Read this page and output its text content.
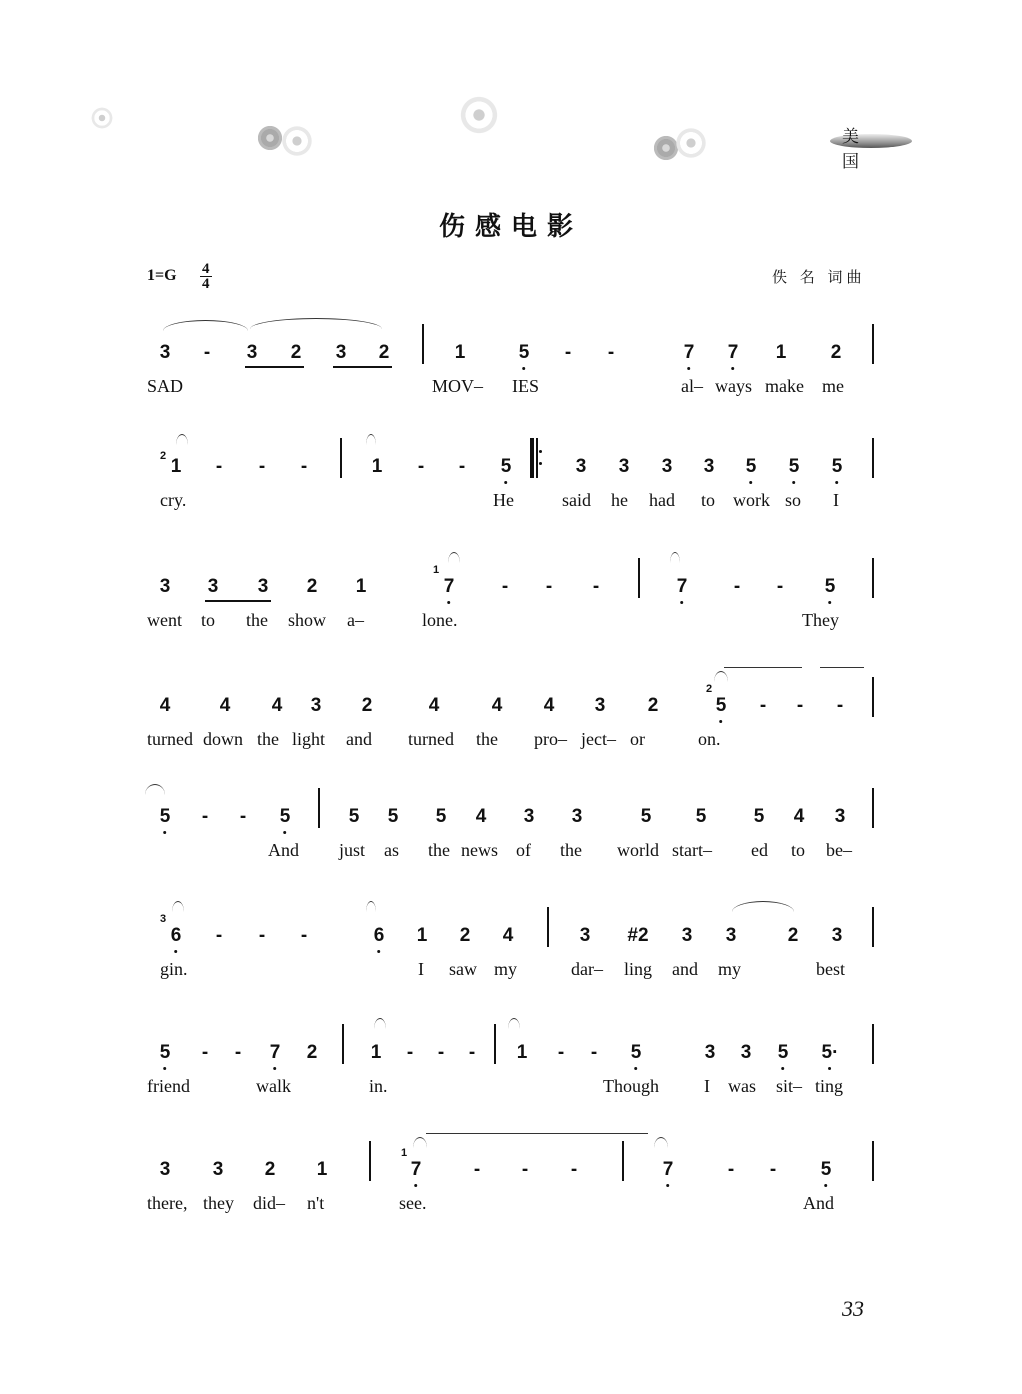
美 国
伤感电影
$1=G \frac{4}{4}$	佚 名 词曲
3 - 3 2 3 2	1	5 - -	7 7 1 2
SAD	MOV– IES	al– ways make me
2 1 - - -	1 - - 5	3 3 3 3 5 5 5
cry.	He	said he had to work so I
3 3 3 2 1
1
7	- - -	7 - - 5
went to the show a–	lone.	They
4	4 4 3 2	4	4 4 3 2
2
5 - - -
turned down the light and turned the pro– ject– or	on.
5 - - 5	5 5 5 4 3 3	5 5 5 4 3
And just as the news of the world start– ed to be–
3
6 - - -	6 1 2 4	3 #2 3 3	2 3
gin.	I saw my	dar– ling and my	best
5 - - 7 2	1 - - - 1 - - 5	3 3 5 5·
friend	walk	in.	Though	I was sit– ting
3 3 2 1
1
7	- - -	7	- - 5
there, they did– n't	see.	And
33
